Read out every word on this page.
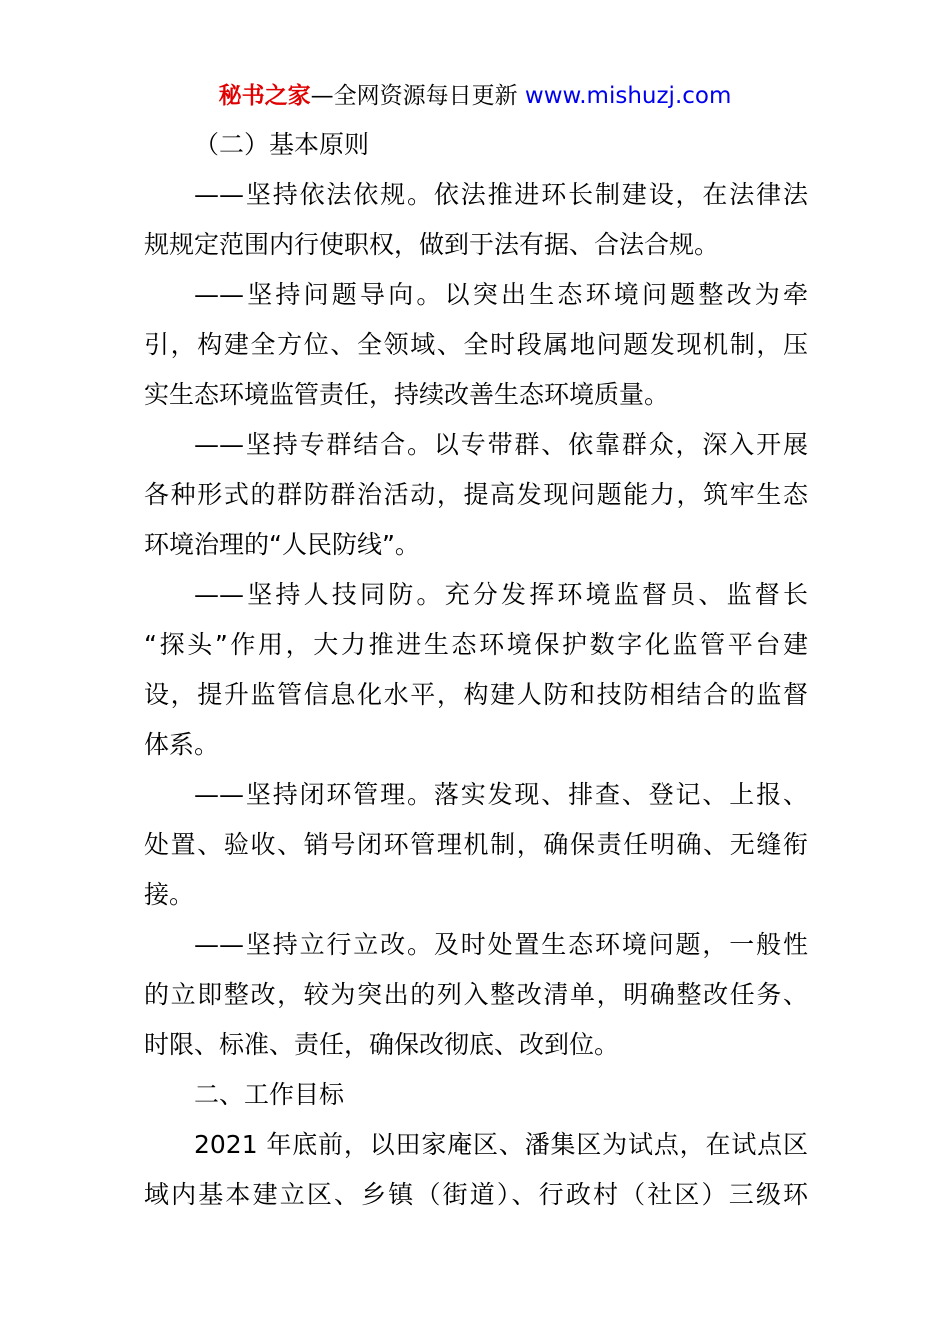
秘书之家—全网资源每日更新 www.mishuzj.com
（二）基本原则
——坚持依法依规。依法推进环长制建设，在法律法
规规定范围内行使职权，做到于法有据、合法合规。
——坚持问题导向。以突出生态环境问题整改为牵
引，构建全方位、全领域、全时段属地问题发现机制，压
实生态环境监管责任，持续改善生态环境质量。
——坚持专群结合。以专带群、依靠群众，深入开展
各种形式的群防群治活动，提高发现问题能力，筑牢生态
环境治理的“人民防线”。
——坚持人技同防。充分发挥环境监督员、监督长
“探头”作用，大力推进生态环境保护数字化监管平台建
设，提升监管信息化水平，构建人防和技防相结合的监督
体系。
——坚持闭环管理。落实发现、排查、登记、上报、
处置、验收、销号闭环管理机制，确保责任明确、无缝衔
接。
——坚持立行立改。及时处置生态环境问题，一般性
的立即整改，较为突出的列入整改清单，明确整改任务、
时限、标准、责任，确保改彻底、改到位。
二、工作目标
2021 年底前，以田家庵区、潘集区为试点，在试点区
域内基本建立区、乡镇（街道）、行政村（社区）三级环
